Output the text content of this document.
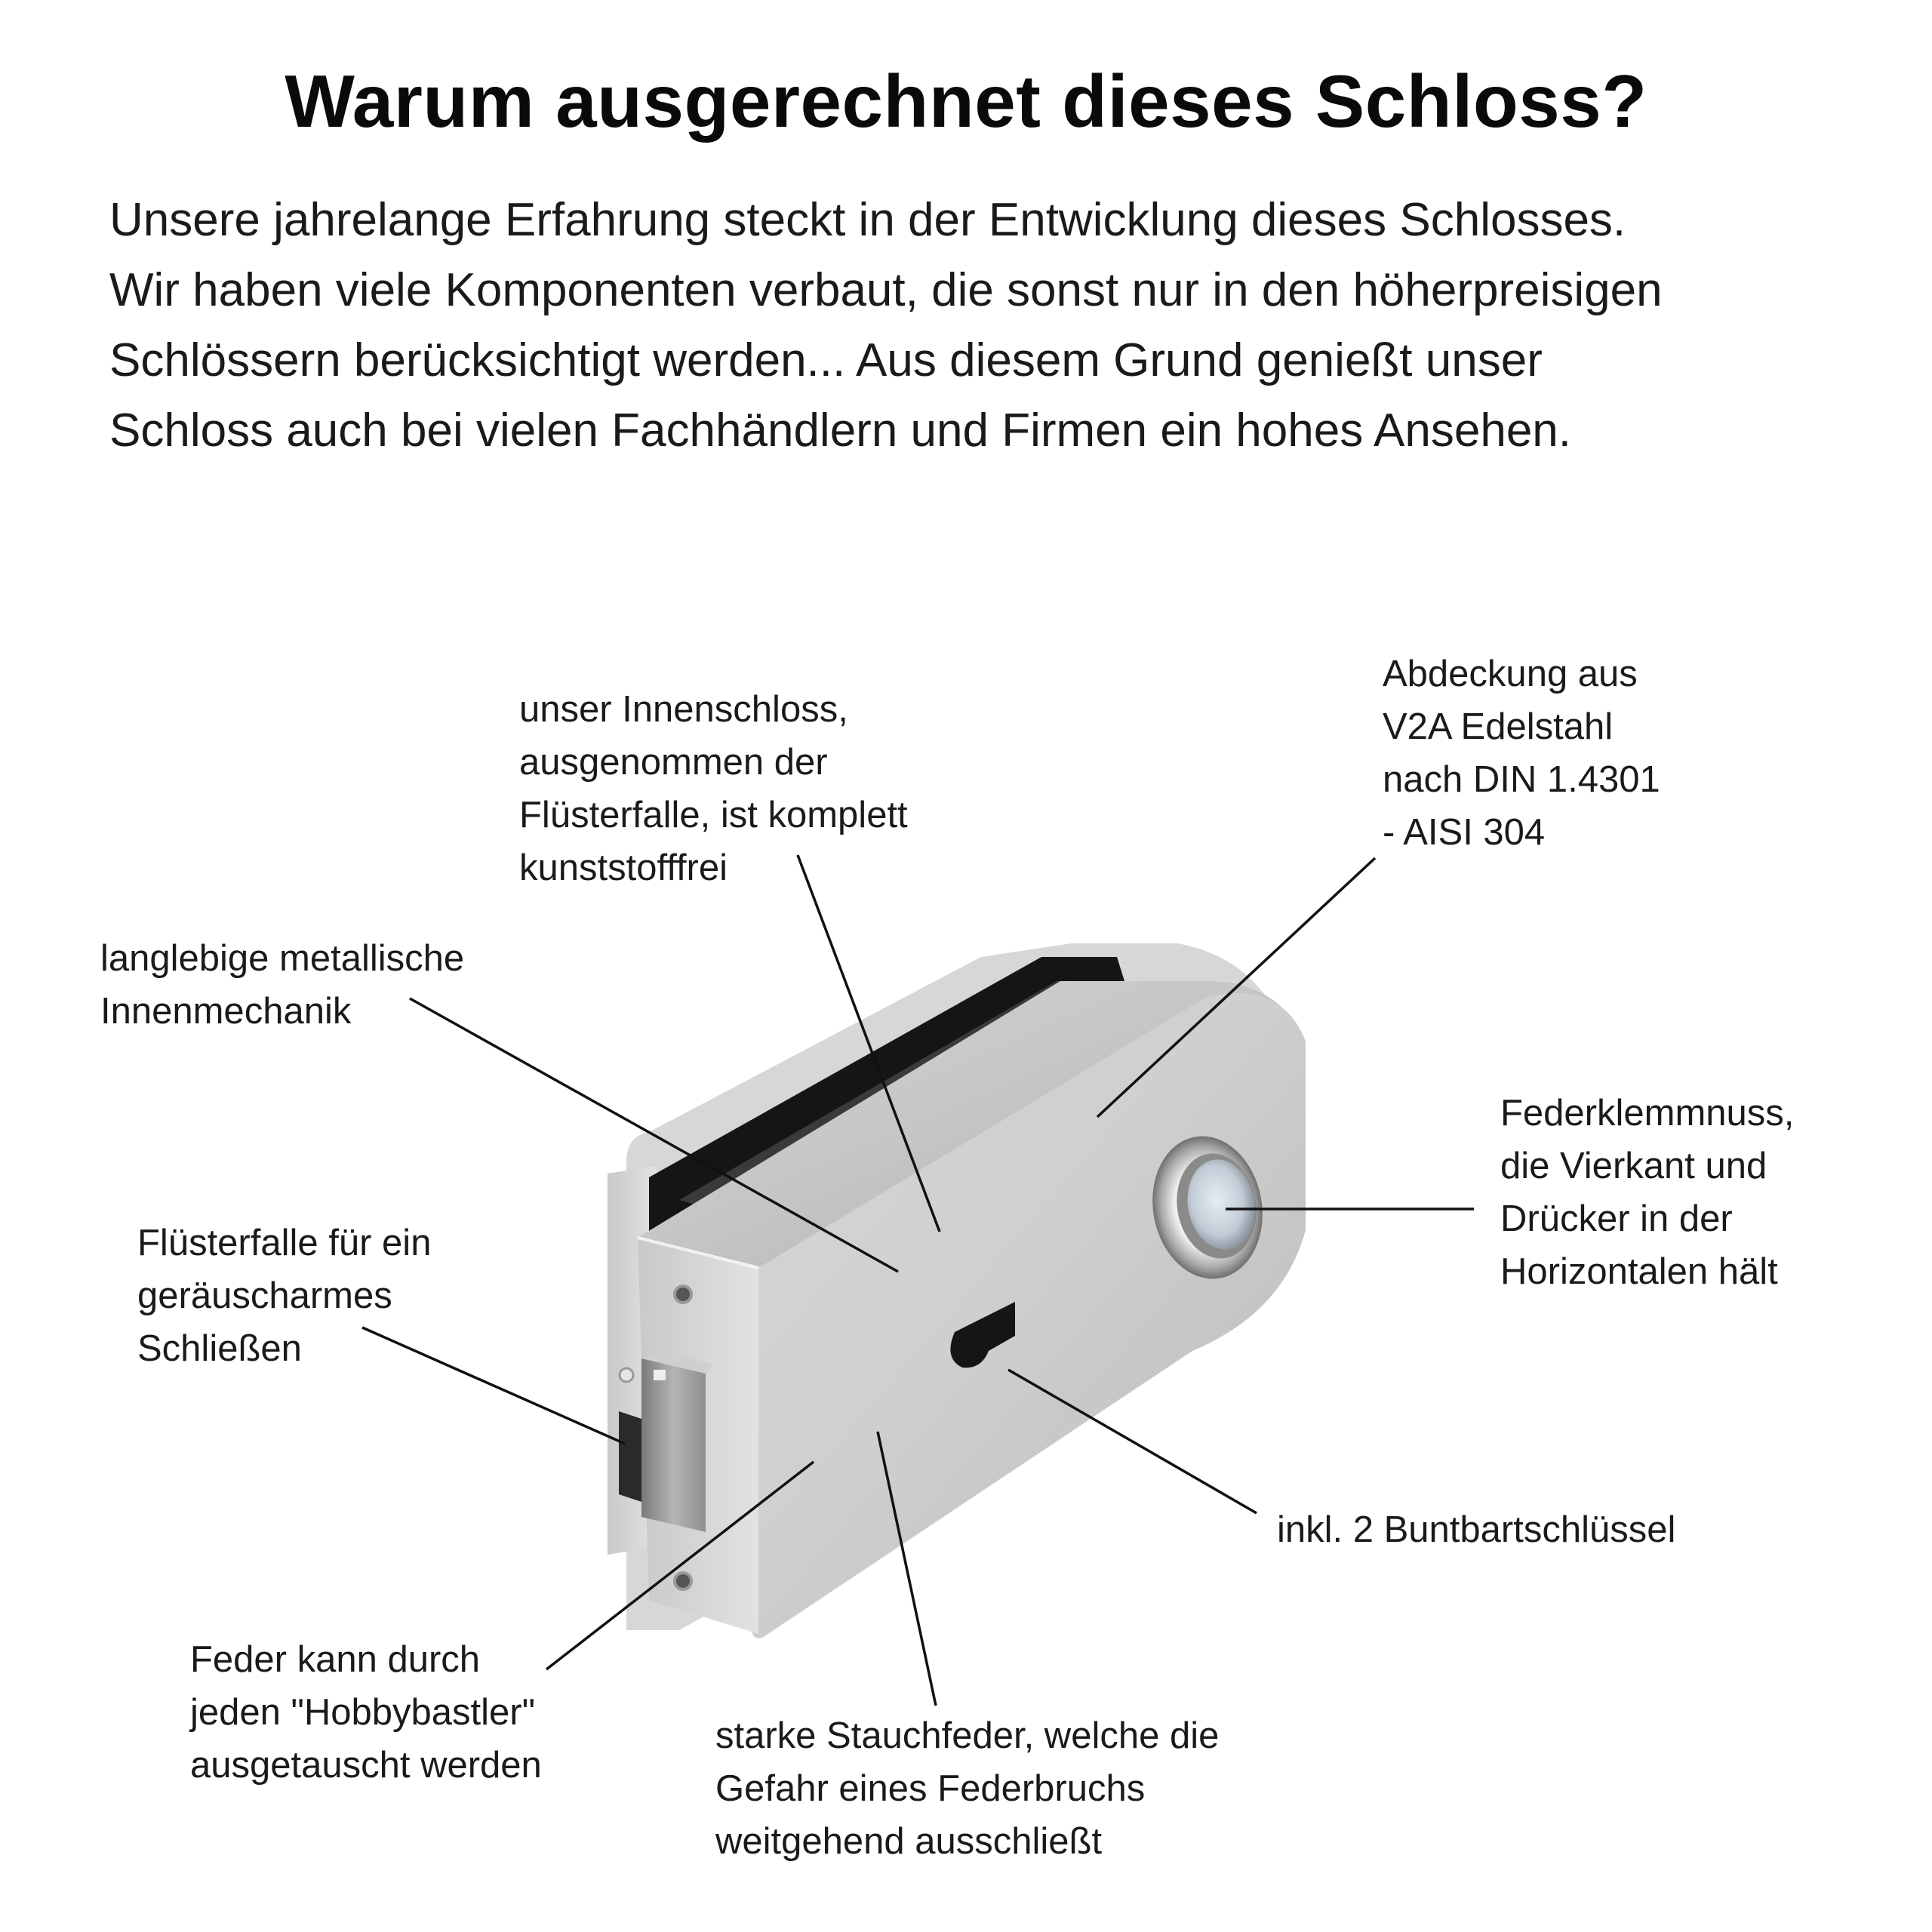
Warum ausgerechnet dieses Schloss?
Unsere jahrelange Erfahrung steckt in der Entwicklung dieses Schlosses.
Wir haben viele Komponenten verbaut, die sonst nur in den höherpreisigen
Schlössern berücksichtigt werden... Aus diesem Grund genießt unser
Schloss auch bei vielen Fachhändlern und Firmen ein hohes Ansehen.
unser Innenschloss,
ausgenommen der
Flüsterfalle, ist komplett
kunststofffrei
Abdeckung aus
V2A Edelstahl
nach DIN 1.4301
- AISI 304
langlebige metallische
Innenmechanik
Federklemmnuss,
die Vierkant und
Drücker in der
Horizontalen hält
Flüsterfalle für ein
geräuscharmes
Schließen
inkl. 2 Buntbartschlüssel
Feder kann durch
jeden "Hobbybastler"
ausgetauscht werden
starke Stauchfeder, welche die
Gefahr eines Federbruchs
weitgehend ausschließt
